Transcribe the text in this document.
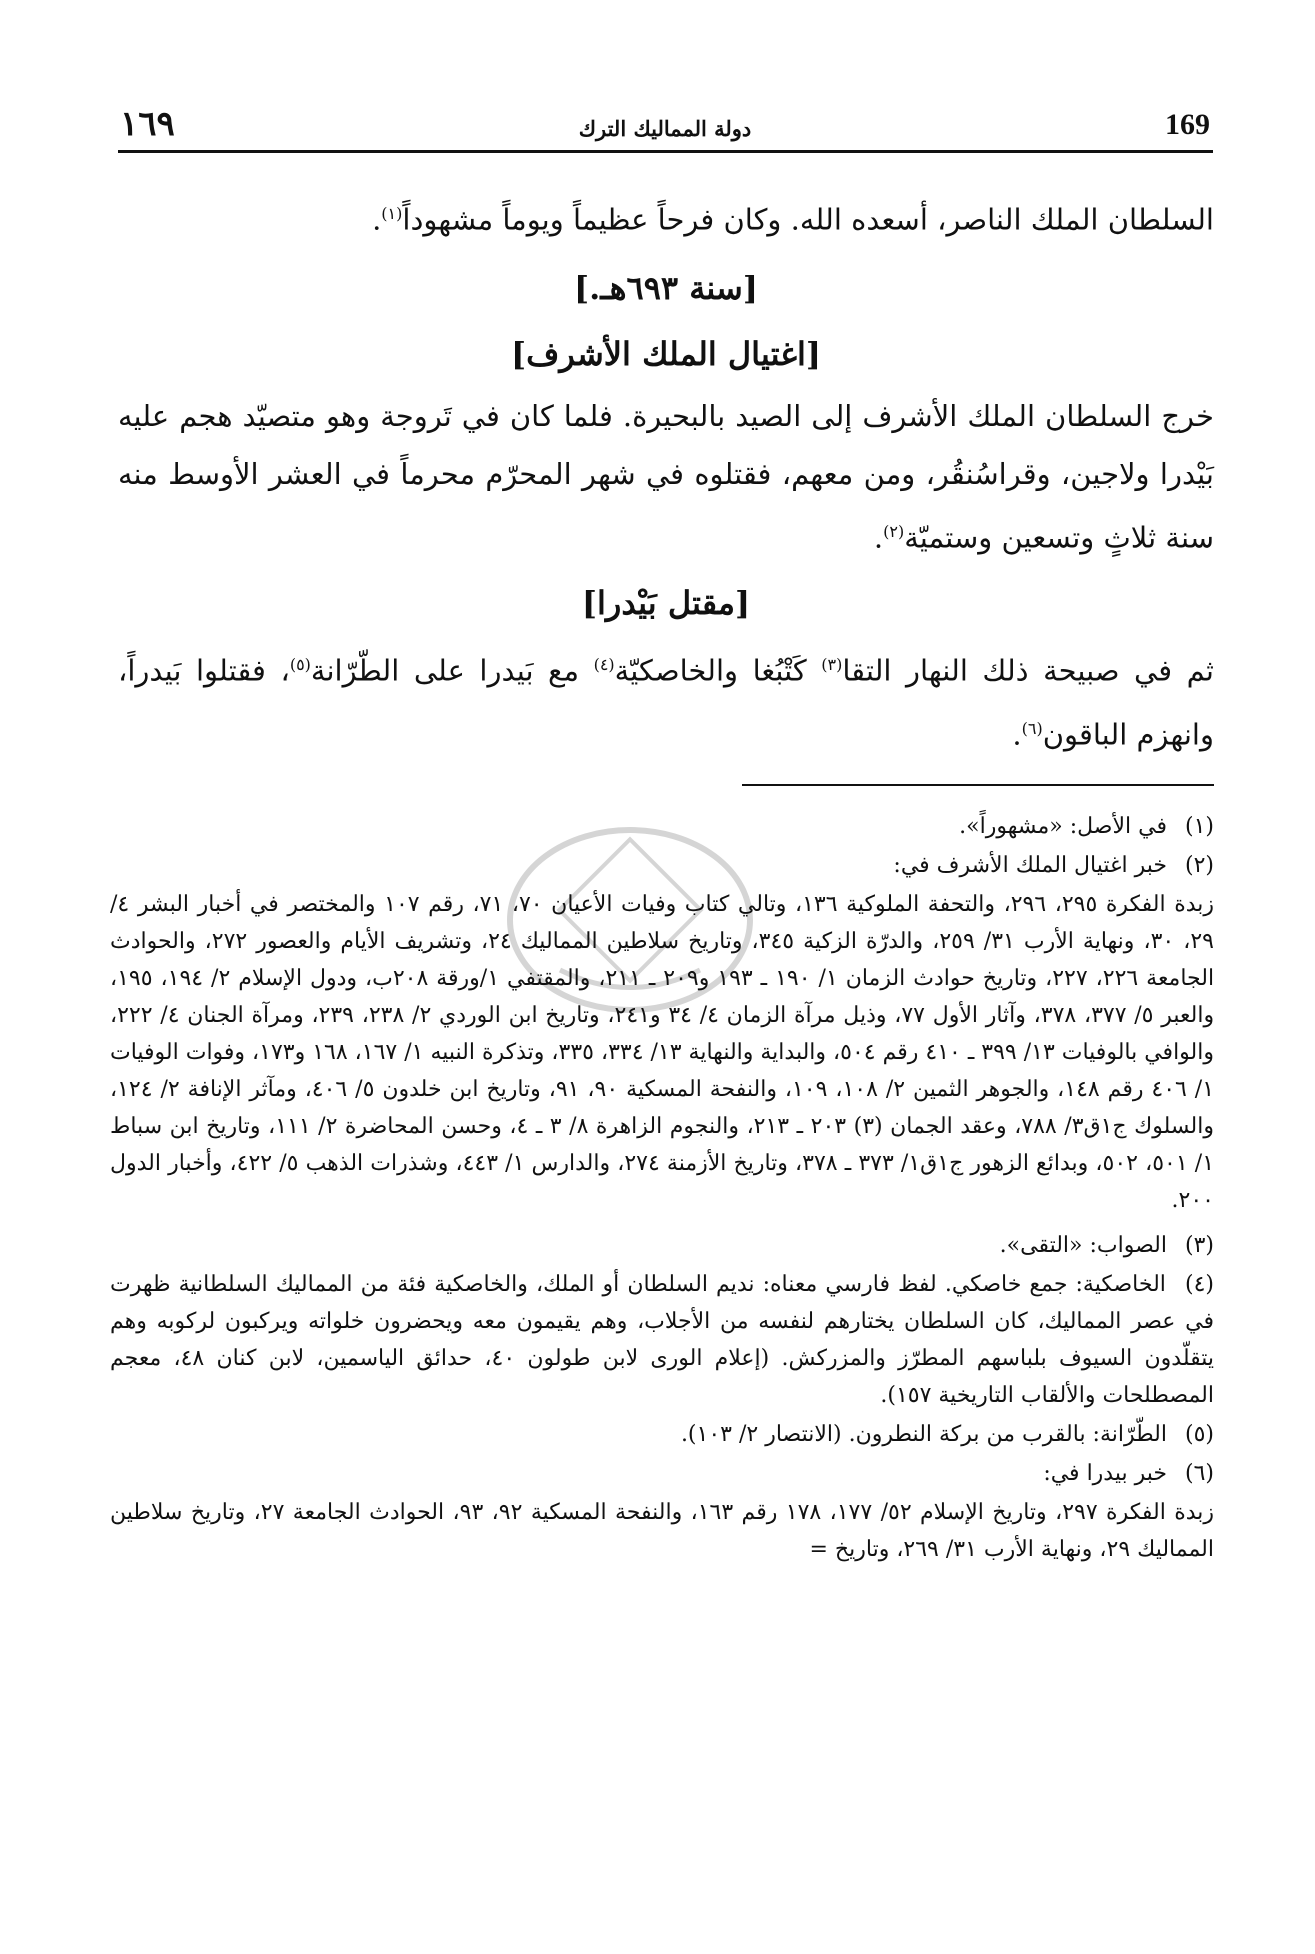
169
دولة المماليك الترك
١٦٩

السلطان الملك الناصر، أسعده الله. وكان فرحاً عظيماً ويوماً مشهوداً$^{(١)}$.

[سنة ٦٩٣هـ.]

[اغتيال الملك الأشرف]

خرج السلطان الملك الأشرف إلى الصيد بالبحيرة. فلما كان في تَروجة وهو متصيّد هجم عليه بَيْدرا ولاجين، وقراسُنقُر، ومن معهم، فقتلوه في شهر المحرّم محرماً في العشر الأوسط منه سنة ثلاثٍ وتسعين وستميّة$^{(٢)}$.

[مقتل بَيْدرا]

ثم في صبيحة ذلك النهار التقا$^{(٣)}$ كَتْبُغا والخاصكيّة$^{(٤)}$ مع بَيدرا على الطّرّانة$^{(٥)}$، فقتلوا بَيدراً، وانهزم الباقون$^{(٦)}$.

(١) في الأصل: «مشهوراً».

(٢) خبر اغتيال الملك الأشرف في:

زبدة الفكرة ٢٩٥، ٢٩٦، والتحفة الملوكية ١٣٦، وتالي كتاب وفيات الأعيان ٧٠، ٧١، رقم ١٠٧ والمختصر في أخبار البشر ٤/ ٢٩، ٣٠، ونهاية الأرب ٣١/ ٢٥٩، والدرّة الزكية ٣٤٥، وتاريخ سلاطين المماليك ٢٤، وتشريف الأيام والعصور ٢٧٢، والحوادث الجامعة ٢٢٦، ٢٢٧، وتاريخ حوادث الزمان ١/ ١٩٠ ـ ١٩٣ و٢٠٩ ـ ٢١١، والمقتفي ١/ورقة ٢٠٨ب، ودول الإسلام ٢/ ١٩٤، ١٩٥، والعبر ٥/ ٣٧٧، ٣٧٨، وآثار الأول ٧٧، وذيل مرآة الزمان ٤/ ٣٤ و٢٤١، وتاريخ ابن الوردي ٢/ ٢٣٨، ٢٣٩، ومرآة الجنان ٤/ ٢٢٢، والوافي بالوفيات ١٣/ ٣٩٩ ـ ٤١٠ رقم ٥٠٤، والبداية والنهاية ١٣/ ٣٣٤، ٣٣٥، وتذكرة النبيه ١/ ١٦٧، ١٦٨ و١٧٣، وفوات الوفيات ١/ ٤٠٦ رقم ١٤٨، والجوهر الثمين ٢/ ١٠٨، ١٠٩، والنفحة المسكية ٩٠، ٩١، وتاريخ ابن خلدون ٥/ ٤٠٦، ومآثر الإنافة ٢/ ١٢٤، والسلوك ج١ق٣/ ٧٨٨، وعقد الجمان (٣) ٢٠٣ ـ ٢١٣، والنجوم الزاهرة ٨/ ٣ ـ ٤، وحسن المحاضرة ٢/ ١١١، وتاريخ ابن سباط ١/ ٥٠١، ٥٠٢، وبدائع الزهور ج١ق١/ ٣٧٣ ـ ٣٧٨، وتاريخ الأزمنة ٢٧٤، والدارس ١/ ٤٤٣، وشذرات الذهب ٥/ ٤٢٢، وأخبار الدول ٢٠٠.

(٣) الصواب: «التقى».

(٤) الخاصكية: جمع خاصكي. لفظ فارسي معناه: نديم السلطان أو الملك، والخاصكية فئة من المماليك السلطانية ظهرت في عصر المماليك، كان السلطان يختارهم لنفسه من الأجلاب، وهم يقيمون معه ويحضرون خلواته ويركبون لركوبه وهم يتقلّدون السيوف بلباسهم المطرّز والمزركش. (إعلام الورى لابن طولون ٤٠، حدائق الياسمين، لابن كنان ٤٨، معجم المصطلحات والألقاب التاريخية ١٥٧).

(٥) الطّرّانة: بالقرب من بركة النطرون. (الانتصار ٢/ ١٠٣).

(٦) خبر بيدرا في:

زبدة الفكرة ٢٩٧، وتاريخ الإسلام ٥٢/ ١٧٧، ١٧٨ رقم ١٦٣، والنفحة المسكية ٩٢، ٩٣، الحوادث الجامعة ٢٧، وتاريخ سلاطين المماليك ٢٩، ونهاية الأرب ٣١/ ٢٦٩، وتاريخ =
